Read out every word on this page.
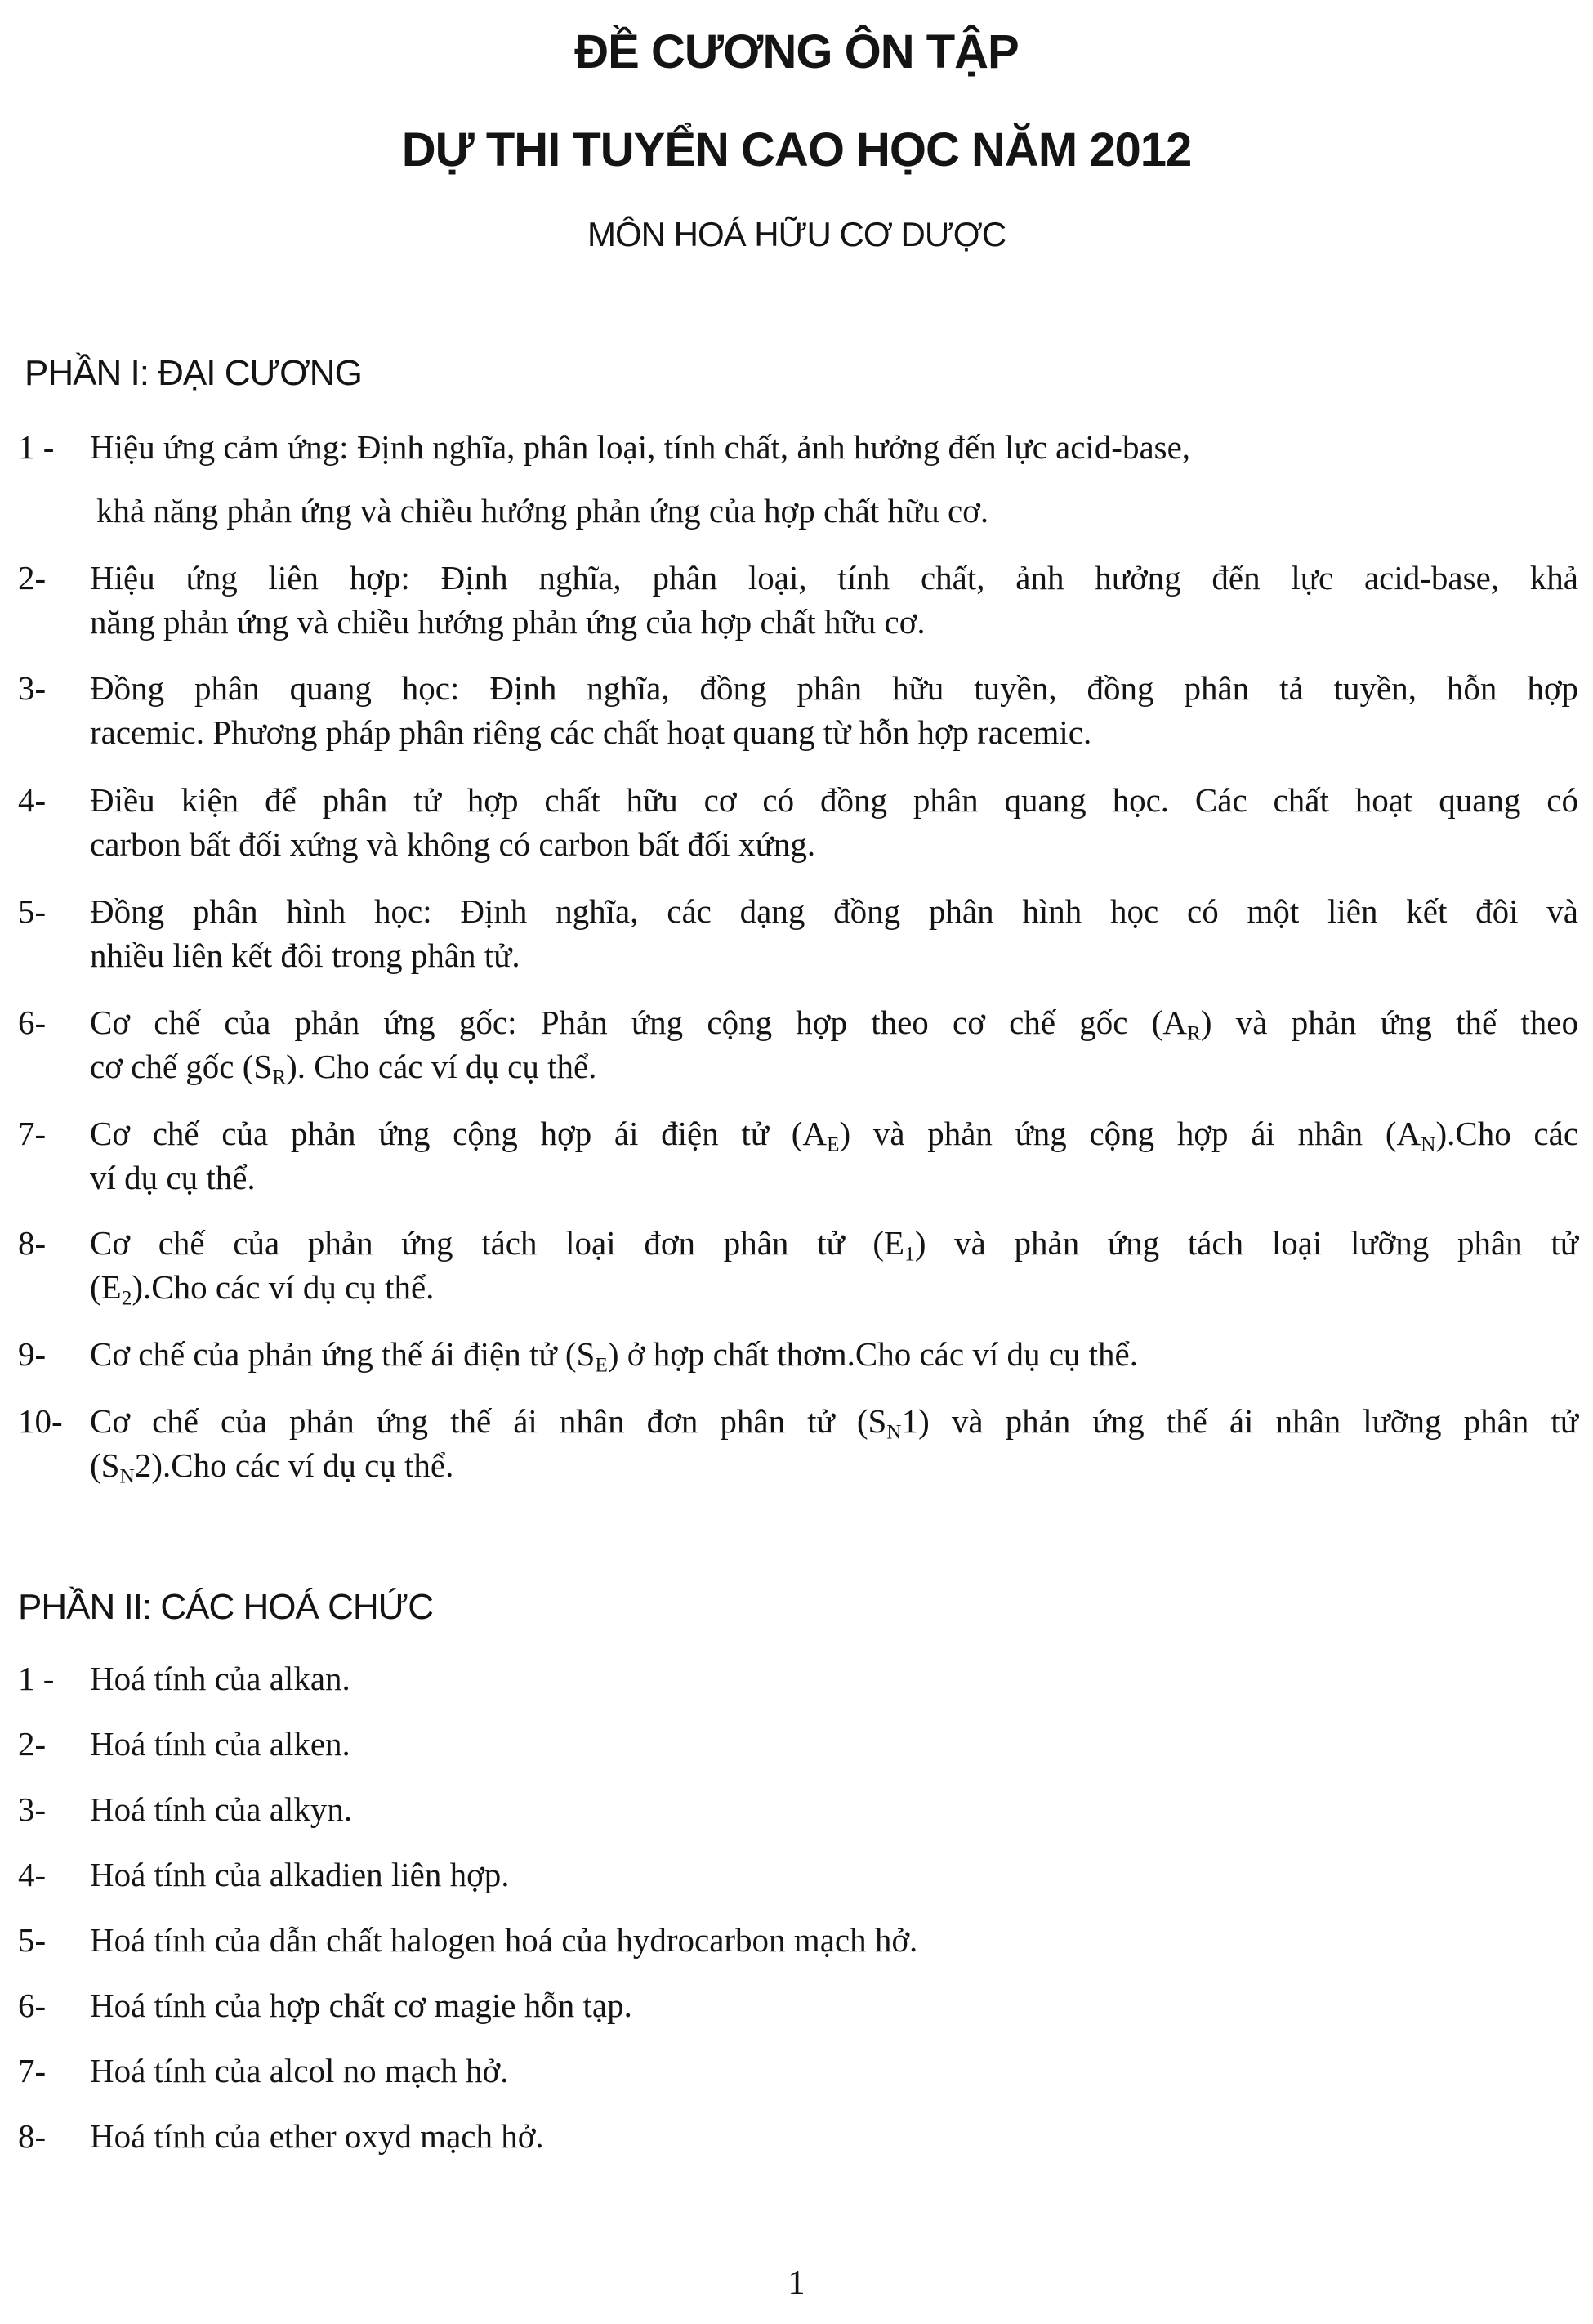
ĐỀ CƯƠNG ÔN TẬP
DỰ THI TUYỂN CAO HỌC NĂM 2012
MÔN HOÁ HỮU CƠ DƯỢC
PHẦN I: ĐẠI CƯƠNG
1 - Hiệu ứng cảm ứng: Định nghĩa, phân loại, tính chất, ảnh hưởng đến lực acid-base,
khả năng phản ứng và chiều hướng phản ứng của hợp chất hữu cơ.
2- Hiệu ứng liên hợp: Định nghĩa, phân loại, tính chất, ảnh hưởng đến lực acid-base, khả
năng phản ứng và chiều hướng phản ứng của hợp chất hữu cơ.
3- Đồng phân quang học: Định nghĩa, đồng phân hữu tuyền, đồng phân tả tuyền, hỗn hợp
racemic. Phương pháp phân riêng các chất hoạt quang từ hỗn hợp racemic.
4- Điều kiện để phân tử hợp chất hữu cơ có đồng phân quang học. Các chất hoạt quang có
carbon bất đối xứng và không có carbon bất đối xứng.
5- Đồng phân hình học: Định nghĩa, các dạng đồng phân hình học có một liên kết đôi và
nhiều liên kết đôi trong phân tử.
6- Cơ chế của phản ứng gốc: Phản ứng cộng hợp theo cơ chế gốc $(A_R)$ và phản ứng thế theo
cơ chế gốc $(S_R)$. Cho các ví dụ cụ thể.
7- Cơ chế của phản ứng cộng hợp ái điện tử $(A_E)$ và phản ứng cộng hợp ái nhân $(A_N).Cho$ các
ví dụ cụ thể.
8- Cơ chế của phản ứng tách loại đơn phân tử $(E_1)$ và phản ứng tách loại lưỡng phân tử
$(E_2).Cho$ các ví dụ cụ thể.
9- Cơ chế của phản ứng thế ái điện tử $(S_E)$ ở hợp chất thơm.Cho các ví dụ cụ thể.
10- Cơ chế của phản ứng thế ái nhân đơn phân tử $(S_N1)$ và phản ứng thế ái nhân lưỡng phân tử
$(S_N2).Cho$ các ví dụ cụ thể.
PHẦN II: CÁC HOÁ CHỨC
1 - Hoá tính của alkan.
2- Hoá tính của alken.
3- Hoá tính của alkyn.
4- Hoá tính của alkadien liên hợp.
5- Hoá tính của dẫn chất halogen hoá của hydrocarbon mạch hở.
6- Hoá tính của hợp chất cơ magie hỗn tạp.
7- Hoá tính của alcol no mạch hở.
8- Hoá tính của ether oxyd mạch hở.
1
